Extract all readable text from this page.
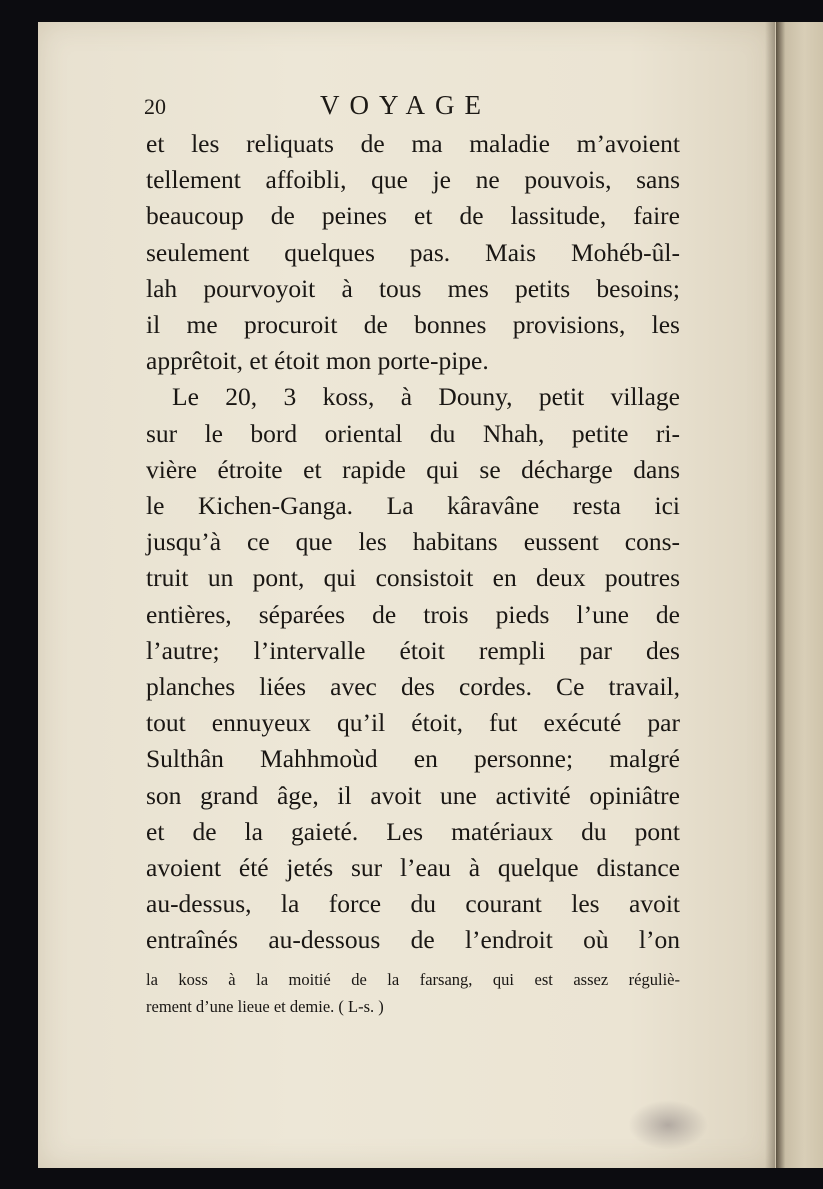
20	VOYAGE
et les reliquats de ma maladie m’avoient
tellement affoibli, que je ne pouvois, sans
beaucoup de peines et de lassitude, faire
seulement quelques pas. Mais Mohéb-ûl-
lah pourvoyoit à tous mes petits besoins;
il me procuroit de bonnes provisions, les
apprêtoit, et étoit mon porte-pipe.
Le 20, 3 koss, à Douny, petit village
sur le bord oriental du Nhah, petite ri-
vière étroite et rapide qui se décharge dans
le Kichen-Ganga. La kâravâne resta ici
jusqu’à ce que les habitans eussent cons-
truit un pont, qui consistoit en deux poutres
entières, séparées de trois pieds l’une de
l’autre; l’intervalle étoit rempli par des
planches liées avec des cordes. Ce travail,
tout ennuyeux qu’il étoit, fut exécuté par
Sulthân Mahhmoùd en personne; malgré
son grand âge, il avoit une activité opiniâtre
et de la gaieté. Les matériaux du pont
avoient été jetés sur l’eau à quelque distance
au-dessus, la force du courant les avoit
entraînés au-dessous de l’endroit où l’on
la koss à la moitié de la farsang, qui est assez réguliè-
rement d’une lieue et demie. ( L-s. )
